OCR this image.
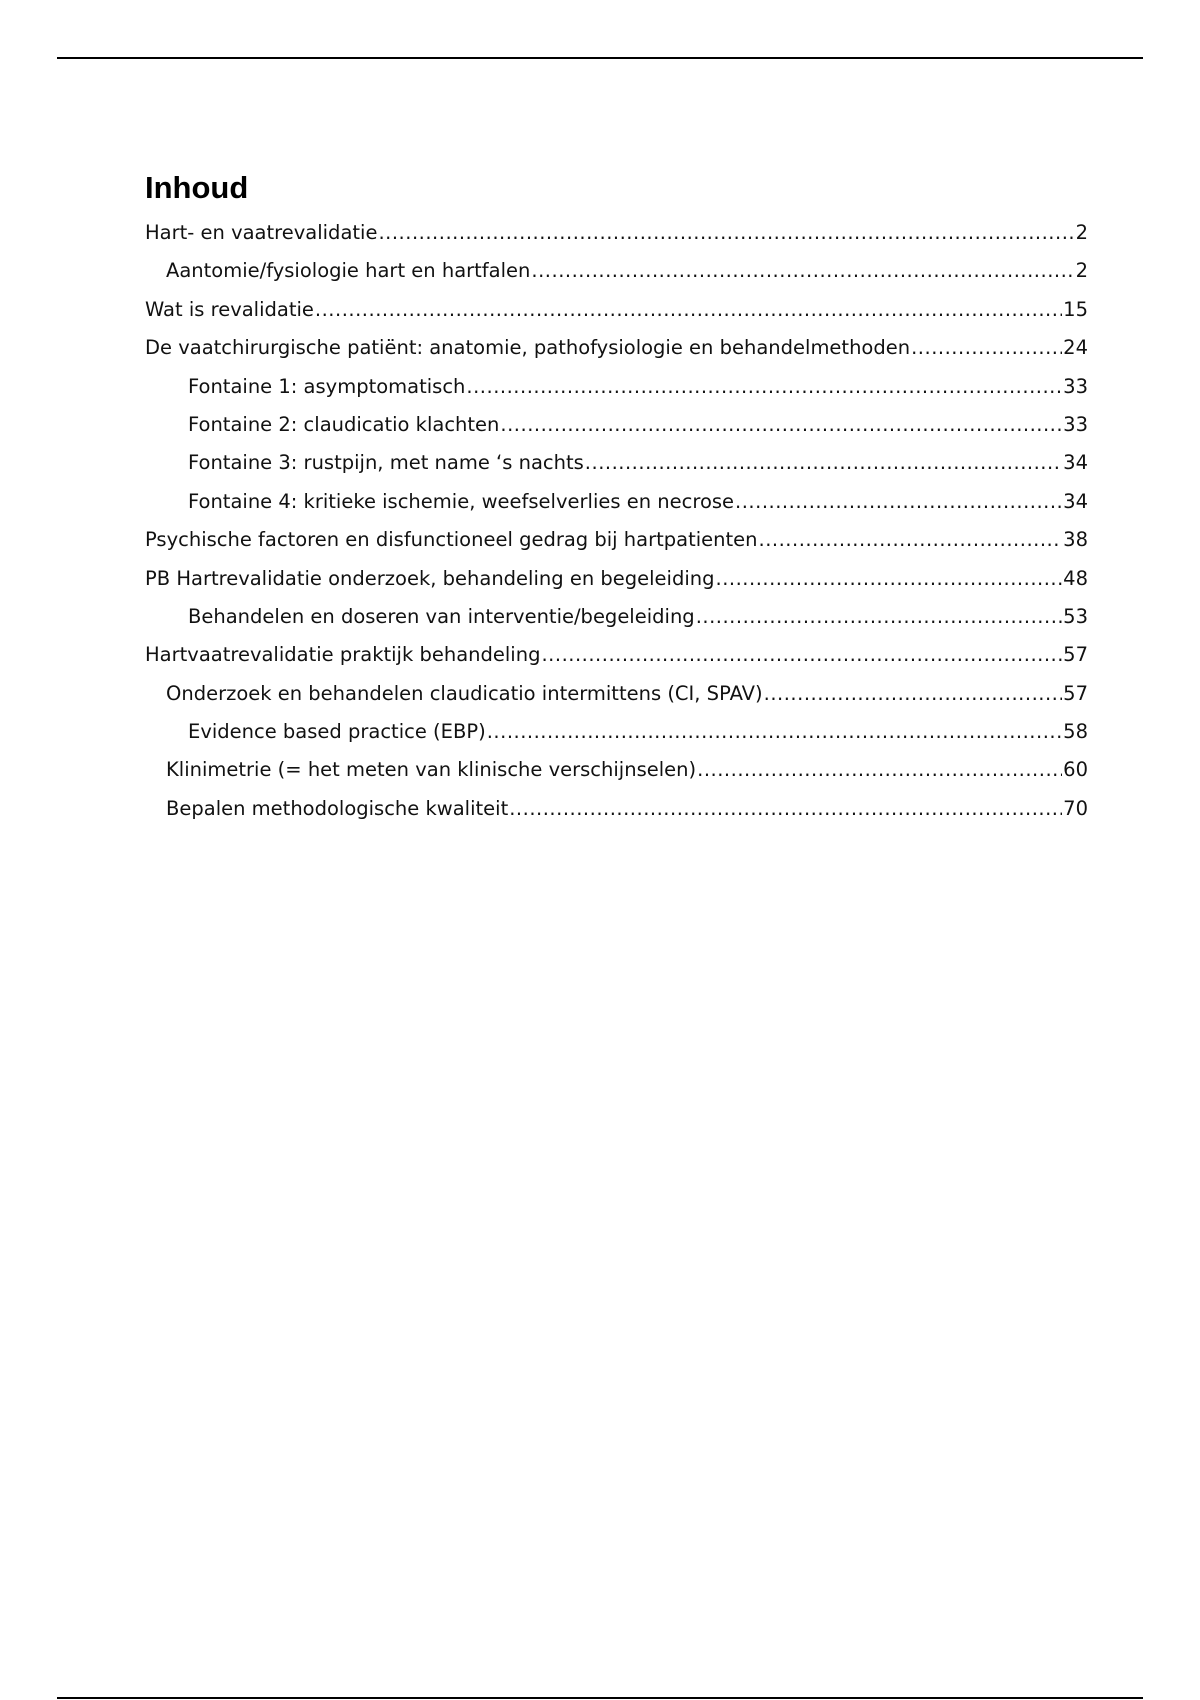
Inhoud
Hart- en vaatrevalidatie .....	2
Aantomie/fysiologie hart en hartfalen .....	2
Wat is revalidatie .....	15
De vaatchirurgische patiënt: anatomie, pathofysiologie en behandelmethoden .....	24
Fontaine 1: asymptomatisch .....	33
Fontaine 2: claudicatio klachten .....	33
Fontaine 3: rustpijn, met name ‘s nachts .....	34
Fontaine 4: kritieke ischemie, weefselverlies en necrose .....	34
Psychische factoren en disfunctioneel gedrag bij hartpatienten .....	38
PB Hartrevalidatie onderzoek, behandeling en begeleiding .....	48
Behandelen en doseren van interventie/begeleiding .....	53
Hartvaatrevalidatie praktijk behandeling .....	57
Onderzoek en behandelen claudicatio intermittens (CI, SPAV) .....	57
Evidence based practice (EBP) .....	58
Klinimetrie (= het meten van klinische verschijnselen) .....	60
Bepalen methodologische kwaliteit .....	70
